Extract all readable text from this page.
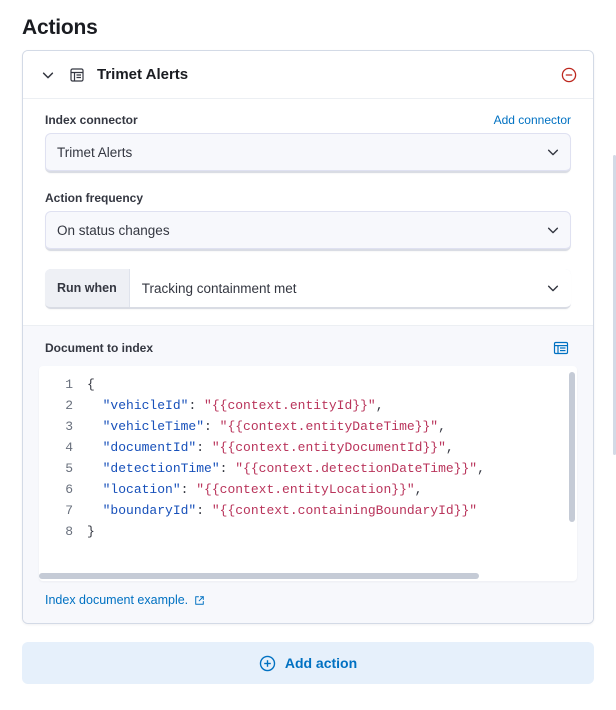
Actions
Trimet Alerts
Index connector	Add connector
Trimet Alerts
Action frequency
On status changes
Run when	Tracking containment met
Document to index
1
2
3
4
5
6
7
8
{
"vehicleId": "{{context.entityId}}",
"vehicleTime": "{{context.entityDateTime}}",
"documentId": "{{context.entityDocumentId}}",
"detectionTime": "{{context.detectionDateTime}}",
"location": "{{context.entityLocation}}",
"boundaryId": "{{context.containingBoundaryId}}"
}
Index document example.
Add action
